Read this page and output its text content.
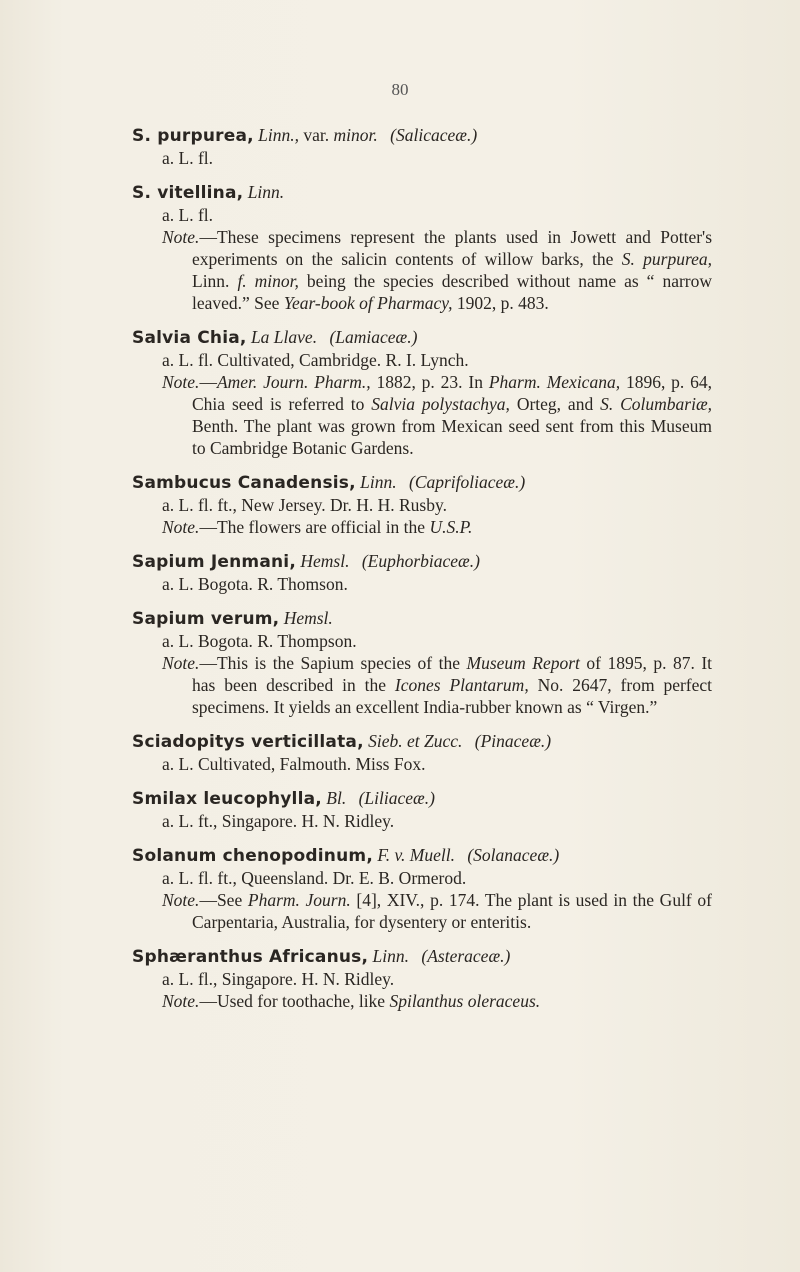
80
S. purpurea, Linn., var. minor. (Salicaceæ.)
a. L. fl.
S. vitellina, Linn.
a. L. fl.
Note.—These specimens represent the plants used in Jowett and Potter's experiments on the salicin contents of willow barks, the S. purpurea, Linn. f. minor, being the species described without name as “ narrow leaved.” See Year-book of Pharmacy, 1902, p. 483.
Salvia Chia, La Llave. (Lamiaceæ.)
a. L. fl. Cultivated, Cambridge. R. I. Lynch.
Note.—Amer. Journ. Pharm., 1882, p. 23. In Pharm. Mexicana, 1896, p. 64, Chia seed is referred to Salvia polystachya, Orteg, and S. Columbariæ, Benth. The plant was grown from Mexican seed sent from this Museum to Cambridge Botanic Gardens.
Sambucus Canadensis, Linn. (Caprifoliaceæ.)
a. L. fl. ft., New Jersey. Dr. H. H. Rusby.
Note.—The flowers are official in the U.S.P.
Sapium Jenmani, Hemsl. (Euphorbiaceæ.)
a. L. Bogota. R. Thomson.
Sapium verum, Hemsl.
a. L. Bogota. R. Thompson.
Note.—This is the Sapium species of the Museum Report of 1895, p. 87. It has been described in the Icones Plantarum, No. 2647, from perfect specimens. It yields an excellent India-rubber known as “ Virgen.”
Sciadopitys verticillata, Sieb. et Zucc. (Pinaceæ.)
a. L. Cultivated, Falmouth. Miss Fox.
Smilax leucophylla, Bl. (Liliaceæ.)
a. L. ft., Singapore. H. N. Ridley.
Solanum chenopodinum, F. v. Muell. (Solanaceæ.)
a. L. fl. ft., Queensland. Dr. E. B. Ormerod.
Note.—See Pharm. Journ. [4], XIV., p. 174. The plant is used in the Gulf of Carpentaria, Australia, for dysentery or enteritis.
Sphæranthus Africanus, Linn. (Asteraceæ.)
a. L. fl., Singapore. H. N. Ridley.
Note.—Used for toothache, like Spilanthus oleraceus.
